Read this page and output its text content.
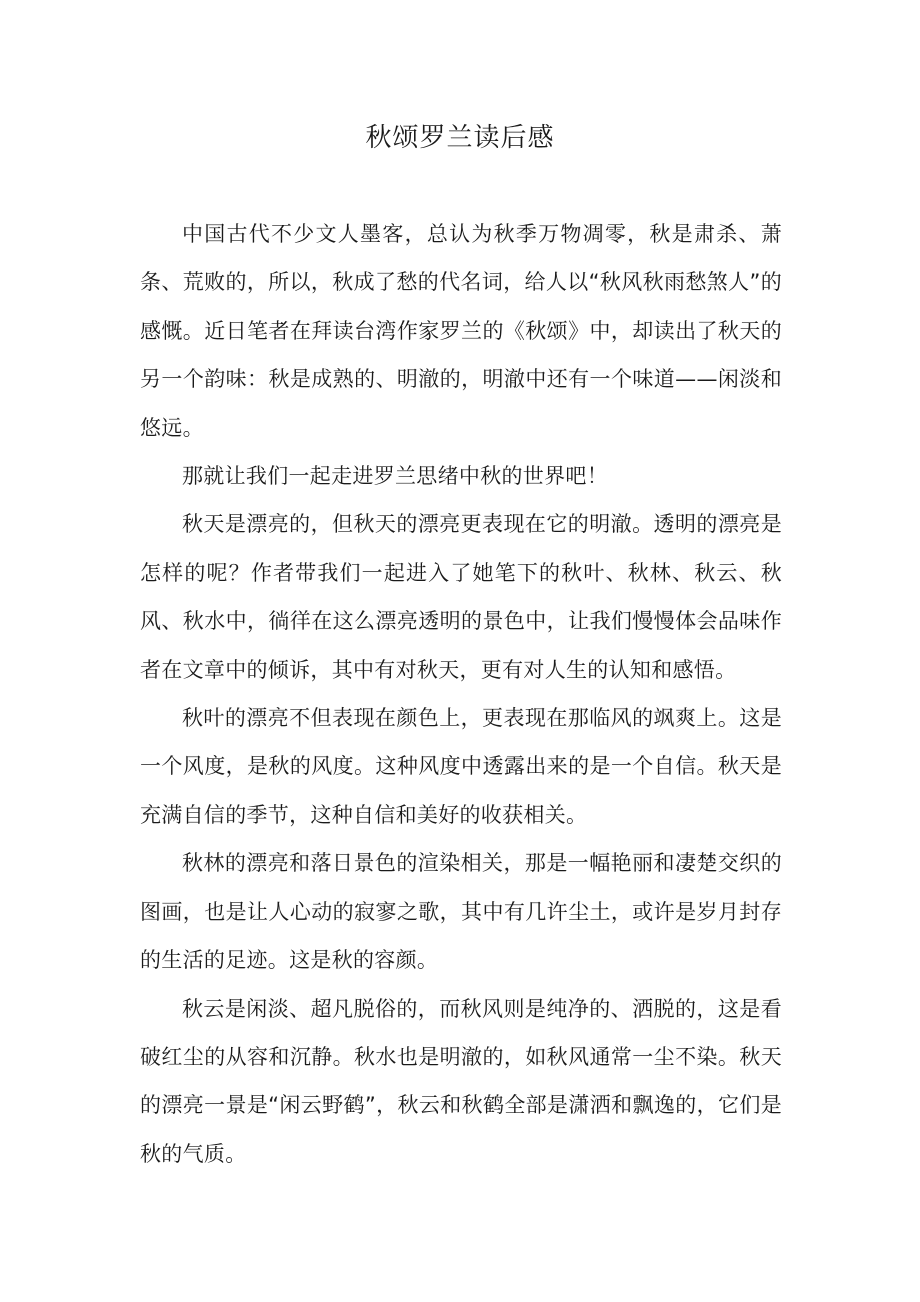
秋颂罗兰读后感

中国古代不少文人墨客，总认为秋季万物凋零，秋是肃杀、萧条、荒败的，所以，秋成了愁的代名词，给人以“秋风秋雨愁煞人”的感慨。近日笔者在拜读台湾作家罗兰的《秋颂》中，却读出了秋天的另一个韵味：秋是成熟的、明澈的，明澈中还有一个味道——闲淡和悠远。

那就让我们一起走进罗兰思绪中秋的世界吧！

秋天是漂亮的，但秋天的漂亮更表现在它的明澈。透明的漂亮是怎样的呢？作者带我们一起进入了她笔下的秋叶、秋林、秋云、秋风、秋水中，徜徉在这么漂亮透明的景色中，让我们慢慢体会品味作者在文章中的倾诉，其中有对秋天，更有对人生的认知和感悟。

秋叶的漂亮不但表现在颜色上，更表现在那临风的飒爽上。这是一个风度，是秋的风度。这种风度中透露出来的是一个自信。秋天是充满自信的季节，这种自信和美好的收获相关。

秋林的漂亮和落日景色的渲染相关，那是一幅艳丽和凄楚交织的图画，也是让人心动的寂寥之歌，其中有几许尘土，或许是岁月封存的生活的足迹。这是秋的容颜。

秋云是闲淡、超凡脱俗的，而秋风则是纯净的、洒脱的，这是看破红尘的从容和沉静。秋水也是明澈的，如秋风通常一尘不染。秋天的漂亮一景是“闲云野鹤”，秋云和秋鹤全部是潇洒和飘逸的，它们是秋的气质。
